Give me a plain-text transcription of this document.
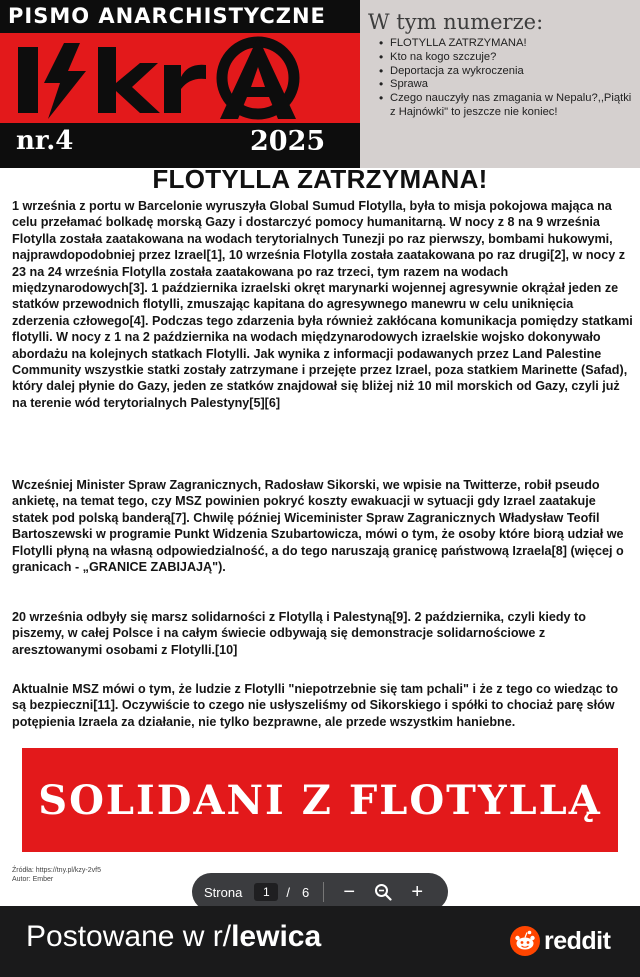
PISMO ANARCHISTYCZNE
nr.4	2025
W tym numerze:
• FLOTYLLA ZATRZYMANA!
• Kto na kogo szczuje?
• Deportacja za wykroczenia
• Sprawa
• Czego nauczyły nas zmagania w Nepalu?,,Piątki z Hajnówki" to jeszcze nie koniec!
FLOTYLLA ZATRZYMANA!

1 września z portu w Barcelonie wyruszyła Global Sumud Flotylla, była to misja pokojowa mająca na celu przełamać bolkadę morską Gazy i dostarczyć pomocy humanitarną. W nocy z 8 na 9 września Flotylla została zaatakowana na wodach terytorialnych Tunezji po raz pierwszy, bombami hukowymi, najprawdopodobniej przez Izrael[1], 10 września Flotylla została zaatakowana po raz drugi[2], w nocy z 23 na 24 września Flotylla została zaatakowana po raz trzeci, tym razem na wodach międzynarodowych[3]. 1 października izraelski okręt marynarki wojennej agresywnie okrążał jeden ze statków przewodnich flotylli, zmuszając kapitana do agresywnego manewru w celu uniknięcia zderzenia człowego[4]. Podczas tego zdarzenia była również zakłócana komunikacja pomiędzy statkami flotylli. W nocy z 1 na 2 października na wodach międzynarodowych izraelskie wojsko dokonywało abordażu na kolejnych statkach Flotylli. Jak wynika z informacji podawanych przez Land Palestine Community wszystkie statki zostały zatrzymane i przejęte przez Izrael, poza statkiem Marinette (Safad), który dalej płynie do Gazy, jeden ze statków znajdował się bliżej niż 10 mil morskich od Gazy, czyli już na terenie wód terytorialnych Palestyny[5][6]

Wcześniej Minister Spraw Zagranicznych, Radosław Sikorski, we wpisie na Twitterze, robił pseudo ankietę, na temat tego, czy MSZ powinien pokryć koszty ewakuacji w sytuacji gdy Izrael zaatakuje statek pod polską banderą[7]. Chwilę później Wiceminister Spraw Zagranicznych Władysław Teofil Bartoszewski w programie Punkt Widzenia Szubartowicza, mówi o tym, że osoby które biorą udział we Flotylli płyną na własną odpowiedzialność, a do tego naruszają granicę państwową Izraela[8] (więcej o granicach - „GRANICE ZABIJAJĄ").

20 września odbyły się marsz solidarności z Flotyllą i Palestyną[9]. 2 października, czyli kiedy to piszemy, w całej Polsce i na całym świecie odbywają się demonstracje solidarnościowe z aresztowanymi osobami z Flotylli.[10]

Aktualnie MSZ mówi o tym, że ludzie z Flotylli "niepotrzebnie się tam pchali" i że z tego co wiedząc to są bezpieczni[11]. Oczywiście to czego nie usłyszeliśmy od Sikorskiego i spółki to chociaż parę słów potępienia Izraela za działanie, nie tylko bezprawne, ale przede wszystkim haniebne.

SOLIDANI Z FLOTYLLĄ
Źródła: https://tny.pl/kzy-2vf5
Autor: Ember
Strona	1	/ 6 −	+
Postowane w r/lewica	reddit
